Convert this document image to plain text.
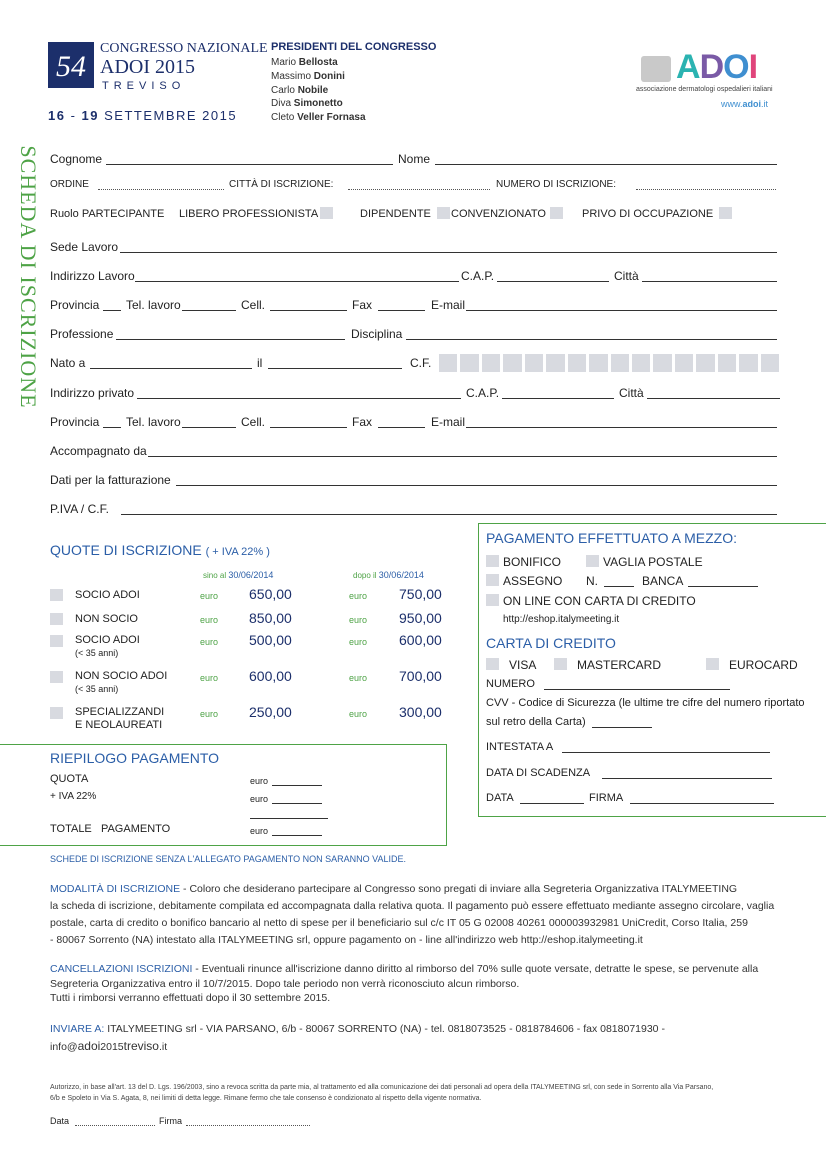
54
CONGRESSO NAZIONALE
ADOI 2015
TREVISO
16 - 19 SETTEMBRE 2015
PRESIDENTI DEL CONGRESSO
Mario Bellosta
Massimo Donini
Carlo Nobile
Diva Simonetto
Cleto Veller Fornasa
ADOI
associazione dermatologi ospedalieri italiani
www.adoi.it
SCHEDA DI ISCRIZIONE Cognome	Nome
ORDINE	CITTÀ DI ISCRIZIONE:	NUMERO DI ISCRIZIONE:
Ruolo PARTECIPANTE LIBERO PROFESSIONISTA	DIPENDENTE CONVENZIONATO	PRIVO DI OCCUPAZIONE
Sede Lavoro
Indirizzo Lavoro	C.A.P.	Città
Provincia Tel. lavoro	Cell.	Fax	E-mail
Professione	Disciplina
Nato a	il	C.F.
Indirizzo privato	C.A.P.	Città
Provincia Tel. lavoro	Cell.	Fax	E-mail
Accompagnato da
Dati per la fatturazione
P.IVA / C.F.
QUOTE DI ISCRIZIONE ( + IVA 22% )
sino al 30/06/2014	dopo il 30/06/2014
SOCIO ADOI	euro 650,00	euro 750,00
NON SOCIO	euro 850,00	euro 950,00
SOCIO ADOI
(< 35 anni)
euro 500,00	euro 600,00
NON SOCIO ADOI
(< 35 anni)
euro 600,00	euro 700,00
SPECIALIZZANDI
E NEOLAUREATI
euro 250,00	euro 300,00
PAGAMENTO EFFETTUATO A MEZZO:
BONIFICO	VAGLIA POSTALE
ASSEGNO N.	BANCA
ON LINE CON CARTA DI CREDITO
http://eshop.italymeeting.it
CARTA DI CREDITO
VISA	MASTERCARD	EUROCARD
NUMERO
CVV - Codice di Sicurezza (le ultime tre cifre del numero riportato
sul retro della Carta)
INTESTATA A
DATA DI SCADENZA
DATA	FIRMA
RIEPILOGO PAGAMENTO
QUOTA	euro
+ IVA 22%	euro
TOTALE   PAGAMENTO	euro
SCHEDE DI ISCRIZIONE SENZA L'ALLEGATO PAGAMENTO NON SARANNO VALIDE.
MODALITÀ DI ISCRIZIONE - Coloro che desiderano partecipare al Congresso sono pregati di inviare alla Segreteria Organizzativa ITALYMEETING
la scheda di iscrizione, debitamente compilata ed accompagnata dalla relativa quota. Il pagamento può essere effettuato mediante assegno circolare, vaglia
postale, carta di credito o bonifico bancario al netto di spese per il beneficiario sul c/c IT 05 G 02008 40261 000003932981 UniCredit, Corso Italia, 259
- 80067 Sorrento (NA) intestato alla ITALYMEETING srl, oppure pagamento on - line all'indirizzo web http://eshop.italymeeting.it
CANCELLAZIONI ISCRIZIONI - Eventuali rinunce all'iscrizione danno diritto al rimborso del 70% sulle quote versate, detratte le spese, se pervenute alla
Segreteria Organizzativa entro il 10/7/2015. Dopo tale periodo non verrà riconosciuto alcun rimborso.
Tutti i rimborsi verranno effettuati dopo il 30 settembre 2015.
INVIARE A: ITALYMEETING srl - VIA PARSANO, 6/b - 80067 SORRENTO (NA) - tel. 0818073525 - 0818784606 - fax 0818071930 -
info@adoi2015treviso.it
Autorizzo, in base all'art. 13 del D. Lgs. 196/2003, sino a revoca scritta da parte mia, al trattamento ed alla comunicazione dei dati personali ad opera della ITALYMEETING srl, con sede in Sorrento alla Via Parsano,
6/b e Spoleto in Via S. Agata, 8, nei limiti di detta legge. Rimane fermo che tale consenso è condizionato al rispetto della vigente normativa.
Data	Firma
